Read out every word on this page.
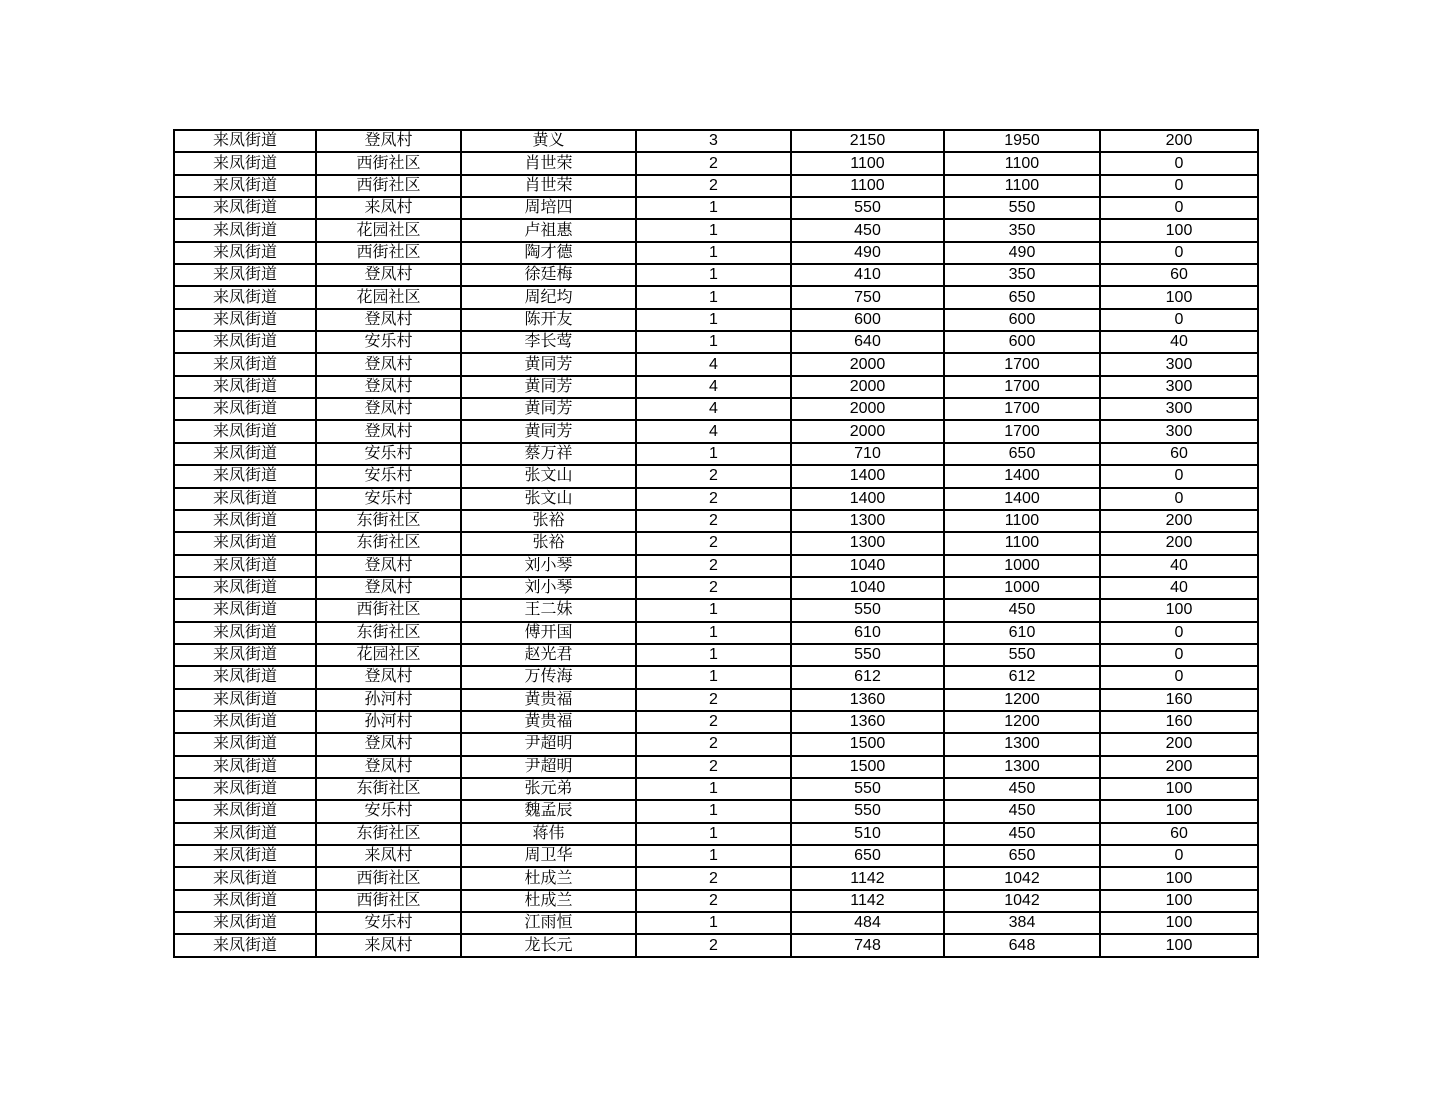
来凤街道	登凤村	黄义	3	2150	1950	200
来凤街道	西街社区	肖世荣	2	1100	1100	0
来凤街道	西街社区	肖世荣	2	1100	1100	0
来凤街道	来凤村	周培四	1	550	550	0
来凤街道	花园社区	卢祖惠	1	450	350	100
来凤街道	西街社区	陶才德	1	490	490	0
来凤街道	登凤村	徐廷梅	1	410	350	60
来凤街道	花园社区	周纪均	1	750	650	100
来凤街道	登凤村	陈开友	1	600	600	0
来凤街道	安乐村	李长莺	1	640	600	40
来凤街道	登凤村	黄同芳	4	2000	1700	300
来凤街道	登凤村	黄同芳	4	2000	1700	300
来凤街道	登凤村	黄同芳	4	2000	1700	300
来凤街道	登凤村	黄同芳	4	2000	1700	300
来凤街道	安乐村	蔡万祥	1	710	650	60
来凤街道	安乐村	张文山	2	1400	1400	0
来凤街道	安乐村	张文山	2	1400	1400	0
来凤街道	东街社区	张裕	2	1300	1100	200
来凤街道	东街社区	张裕	2	1300	1100	200
来凤街道	登凤村	刘小琴	2	1040	1000	40
来凤街道	登凤村	刘小琴	2	1040	1000	40
来凤街道	西街社区	王二妹	1	550	450	100
来凤街道	东街社区	傅开国	1	610	610	0
来凤街道	花园社区	赵光君	1	550	550	0
来凤街道	登凤村	万传海	1	612	612	0
来凤街道	孙河村	黄贵福	2	1360	1200	160
来凤街道	孙河村	黄贵福	2	1360	1200	160
来凤街道	登凤村	尹超明	2	1500	1300	200
来凤街道	登凤村	尹超明	2	1500	1300	200
来凤街道	东街社区	张元弟	1	550	450	100
来凤街道	安乐村	魏孟辰	1	550	450	100
来凤街道	东街社区	蒋伟	1	510	450	60
来凤街道	来凤村	周卫华	1	650	650	0
来凤街道	西街社区	杜成兰	2	1142	1042	100
来凤街道	西街社区	杜成兰	2	1142	1042	100
来凤街道	安乐村	江雨恒	1	484	384	100
来凤街道	来凤村	龙长元	2	748	648	100
